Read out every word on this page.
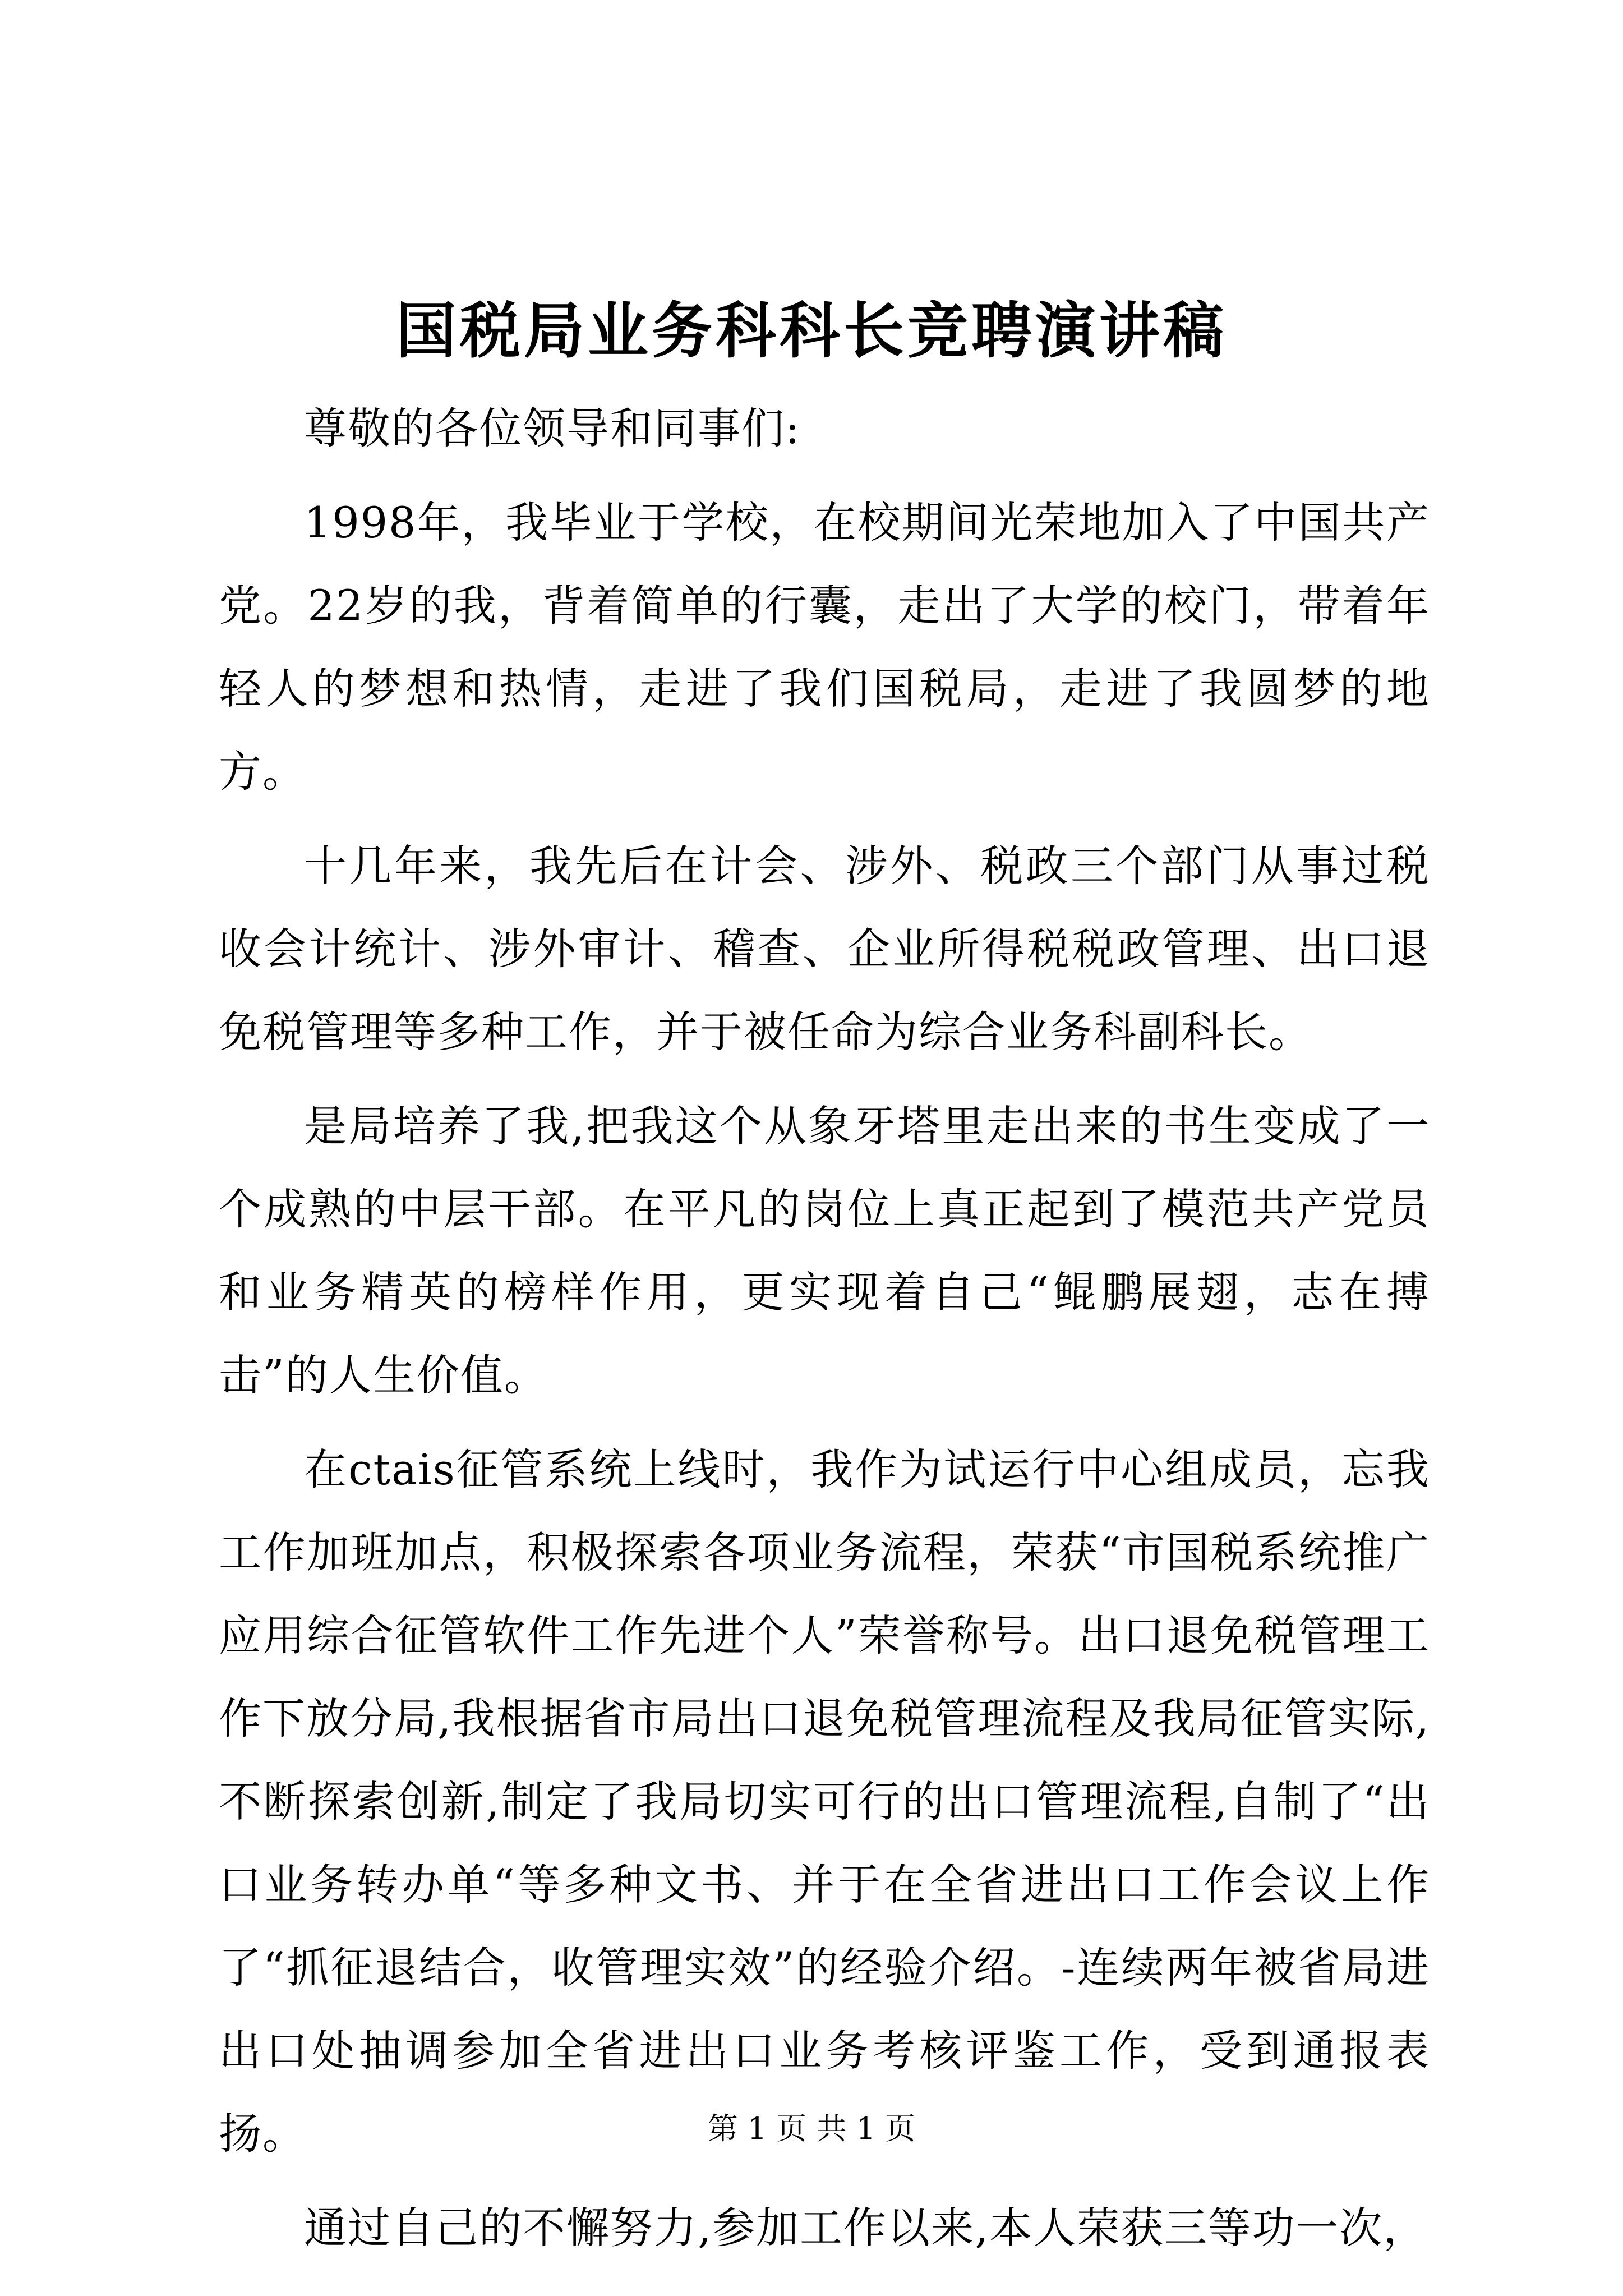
国税局业务科科长竞聘演讲稿

尊敬的各位领导和同事们:

1998年，我毕业于学校，在校期间光荣地加入了中国共产党。22岁的我，背着简单的行囊，走出了大学的校门，带着年轻人的梦想和热情，走进了我们国税局，走进了我圆梦的地方。

十几年来，我先后在计会、涉外、税政三个部门从事过税收会计统计、涉外审计、稽查、企业所得税税政管理、出口退免税管理等多种工作，并于被任命为综合业务科副科长。

是局培养了我,把我这个从象牙塔里走出来的书生变成了一个成熟的中层干部。在平凡的岗位上真正起到了模范共产党员和业务精英的榜样作用，更实现着自己“鲲鹏展翅，志在搏击”的人生价值。

在ctais征管系统上线时，我作为试运行中心组成员，忘我工作加班加点，积极探索各项业务流程，荣获“市国税系统推广应用综合征管软件工作先进个人”荣誉称号。出口退免税管理工作下放分局,我根据省市局出口退免税管理流程及我局征管实际,不断探索创新,制定了我局切实可行的出口管理流程,自制了“出口业务转办单“等多种文书、并于在全省进出口工作会议上作了“抓征退结合，收管理实效”的经验介绍。-连续两年被省局进出口处抽调参加全省进出口业务考核评鉴工作，受到通报表扬。

通过自己的不懈努力,参加工作以来,本人荣获三等功一次，

第 1 页 共 1 页
